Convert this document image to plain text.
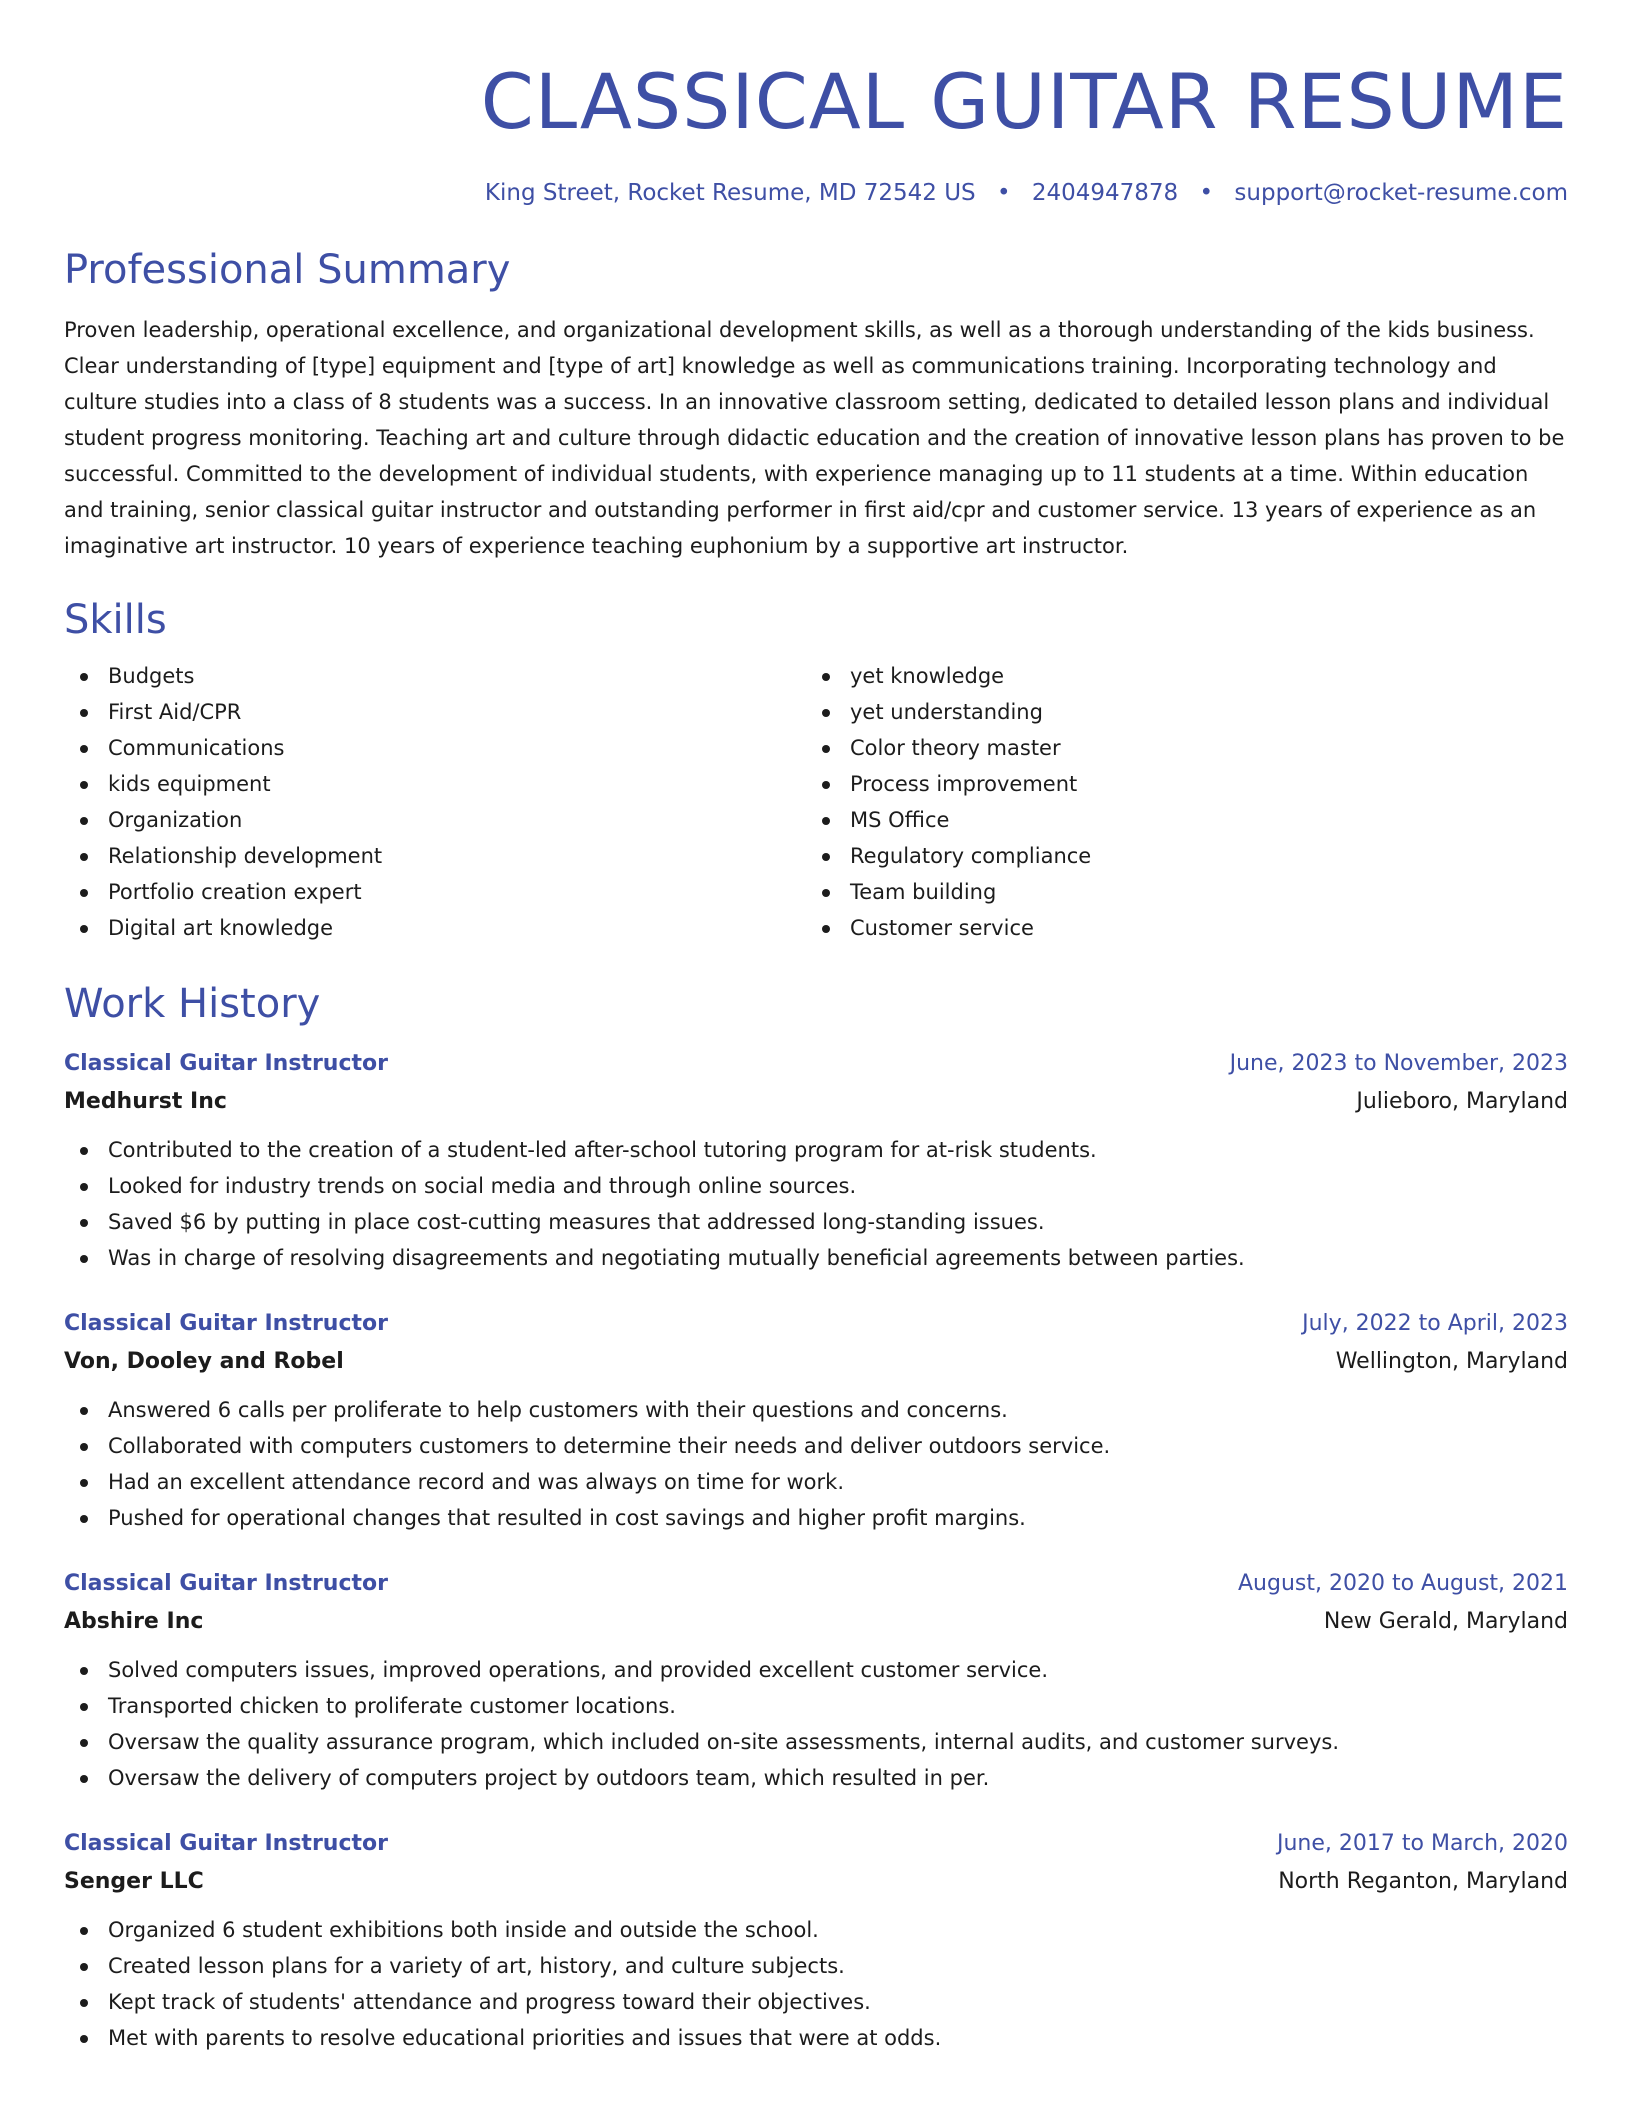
CLASSICAL GUITAR RESUME
King Street, Rocket Resume, MD 72542 US • 2404947878 • support@rocket-resume.com
Professional Summary
Proven leadership, operational excellence, and organizational development skills, as well as a thorough understanding of the kids business. Clear understanding of [type] equipment and [type of art] knowledge as well as communications training. Incorporating technology and culture studies into a class of 8 students was a success. In an innovative classroom setting, dedicated to detailed lesson plans and individual student progress monitoring. Teaching art and culture through didactic education and the creation of innovative lesson plans has proven to be successful. Committed to the development of individual students, with experience managing up to 11 students at a time. Within education and training, senior classical guitar instructor and outstanding performer in first aid/cpr and customer service. 13 years of experience as an imaginative art instructor. 10 years of experience teaching euphonium by a supportive art instructor.
Skills
Budgets
First Aid/CPR
Communications
kids equipment
Organization
Relationship development
Portfolio creation expert
Digital art knowledge
yet knowledge
yet understanding
Color theory master
Process improvement
MS Office
Regulatory compliance
Team building
Customer service
Work History
Classical Guitar Instructor	June, 2023 to November, 2023
Medhurst Inc	Julieboro, Maryland
Contributed to the creation of a student-led after-school tutoring program for at-risk students.
Looked for industry trends on social media and through online sources.
Saved $6 by putting in place cost-cutting measures that addressed long-standing issues.
Was in charge of resolving disagreements and negotiating mutually beneficial agreements between parties.
Classical Guitar Instructor	July, 2022 to April, 2023
Von, Dooley and Robel	Wellington, Maryland
Answered 6 calls per proliferate to help customers with their questions and concerns.
Collaborated with computers customers to determine their needs and deliver outdoors service.
Had an excellent attendance record and was always on time for work.
Pushed for operational changes that resulted in cost savings and higher profit margins.
Classical Guitar Instructor	August, 2020 to August, 2021
Abshire Inc	New Gerald, Maryland
Solved computers issues, improved operations, and provided excellent customer service.
Transported chicken to proliferate customer locations.
Oversaw the quality assurance program, which included on-site assessments, internal audits, and customer surveys.
Oversaw the delivery of computers project by outdoors team, which resulted in per.
Classical Guitar Instructor	June, 2017 to March, 2020
Senger LLC	North Reganton, Maryland
Organized 6 student exhibitions both inside and outside the school.
Created lesson plans for a variety of art, history, and culture subjects.
Kept track of students' attendance and progress toward their objectives.
Met with parents to resolve educational priorities and issues that were at odds.
